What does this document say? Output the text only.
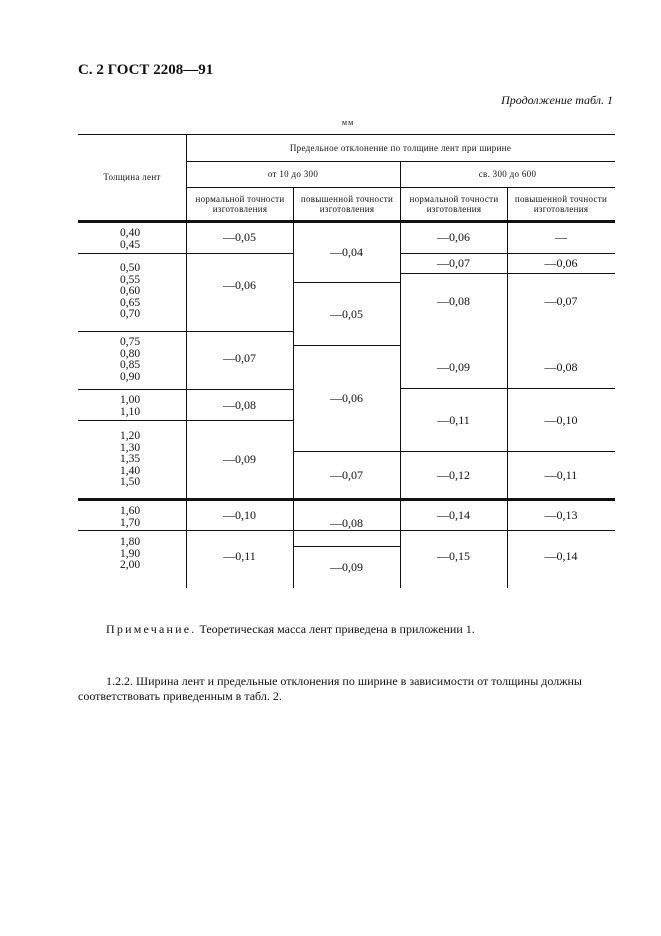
С. 2 ГОСТ 2208—91
Продолжение табл. 1
мм
Толщина лент
Предельное отклонение по толщине лент при ширине
от 10 до 300	св. 300 до 600
нормальной точности изготовления
повышенной точности изготовления
нормальной точности изготовления
повышенной точности изготовления
0,40
0,45
0,50
0,55
0,60
0,65
0,70
0,75
0,80
0,85
0,90
1,00
1,10
1,20
1,30
1,35
1,40
1,50
1,60
1,70
1,80
1,90
2,00
—0,05
—0,06
—0,07
—0,08
—0,09
—0,10
—0,11
—0,04
—0,05
—0,06
—0,07
—0,08
—0,09
—0,06
—0,07
—0,08
—0,09
—0,11
—0,12
—0,14
—0,15
—
—0,06
—0,07
—0,08
—0,10
—0,11
—0,13
—0,14
Примечание. Теоретическая масса лент приведена в приложении 1.
1.2.2. Ширина лент и предельные отклонения по ширине в зависимости от толщины должны соответствовать приведенным в табл. 2.
